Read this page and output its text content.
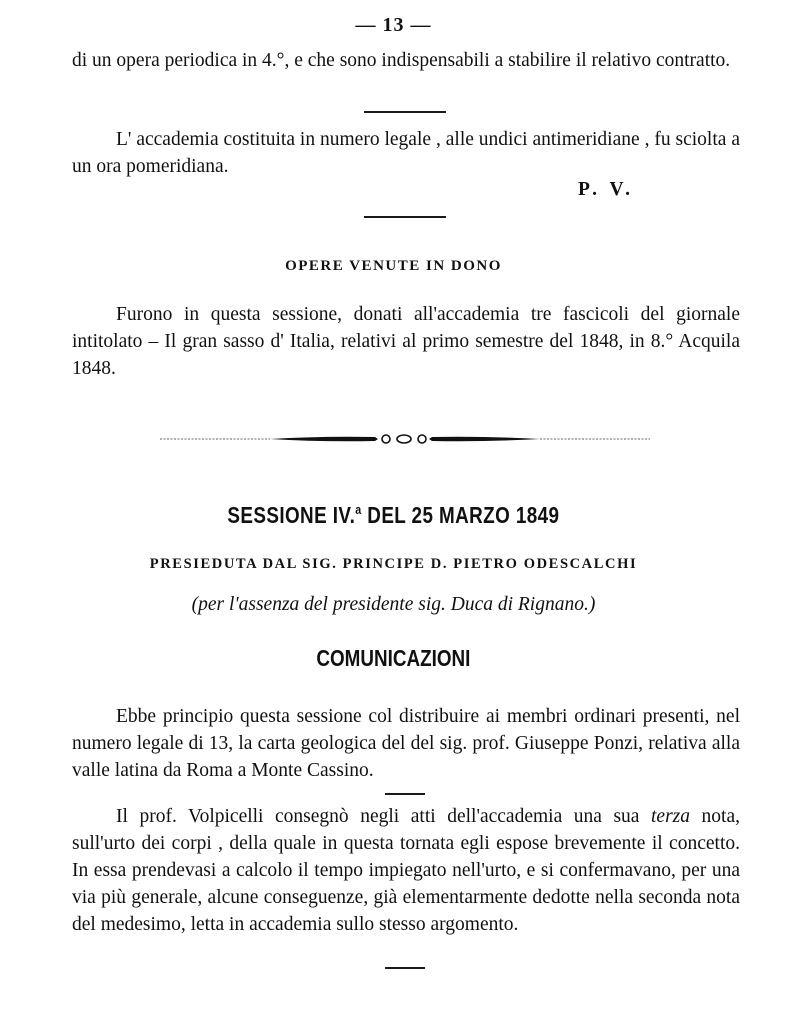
— 13 —
di un opera periodica in 4.°, e che sono indispensabili a stabilire il relativo contratto.
L' accademia costituita in numero legale , alle undici antimeridiane , fu sciolta a un ora pomeridiana.
P. V.
OPERE VENUTE IN DONO
Furono in questa sessione, donati all'accademia tre fascicoli del giornale intitolato – Il gran sasso d' Italia, relativi al primo semestre del 1848, in 8.° Acquila 1848.
SESSIONE IV.$^a$ DEL 25 MARZO 1849
PRESIEDUTA DAL SIG. PRINCIPE D. PIETRO ODESCALCHI
(per l'assenza del presidente sig. Duca di Rignano.)
COMUNICAZIONI
Ebbe principio questa sessione col distribuire ai membri ordinari presenti, nel numero legale di 13, la carta geologica del del sig. prof. Giuseppe Ponzi, relativa alla valle latina da Roma a Monte Cassino.
Il prof. Volpicelli consegnò negli atti dell'accademia una sua terza nota, sull'urto dei corpi , della quale in questa tornata egli espose brevemente il concetto. In essa prendevasi a calcolo il tempo impiegato nell'urto, e si confermavano, per una via più generale, alcune conseguenze, già elementarmente dedotte nella seconda nota del medesimo, letta in accademia sullo stesso argomento.
